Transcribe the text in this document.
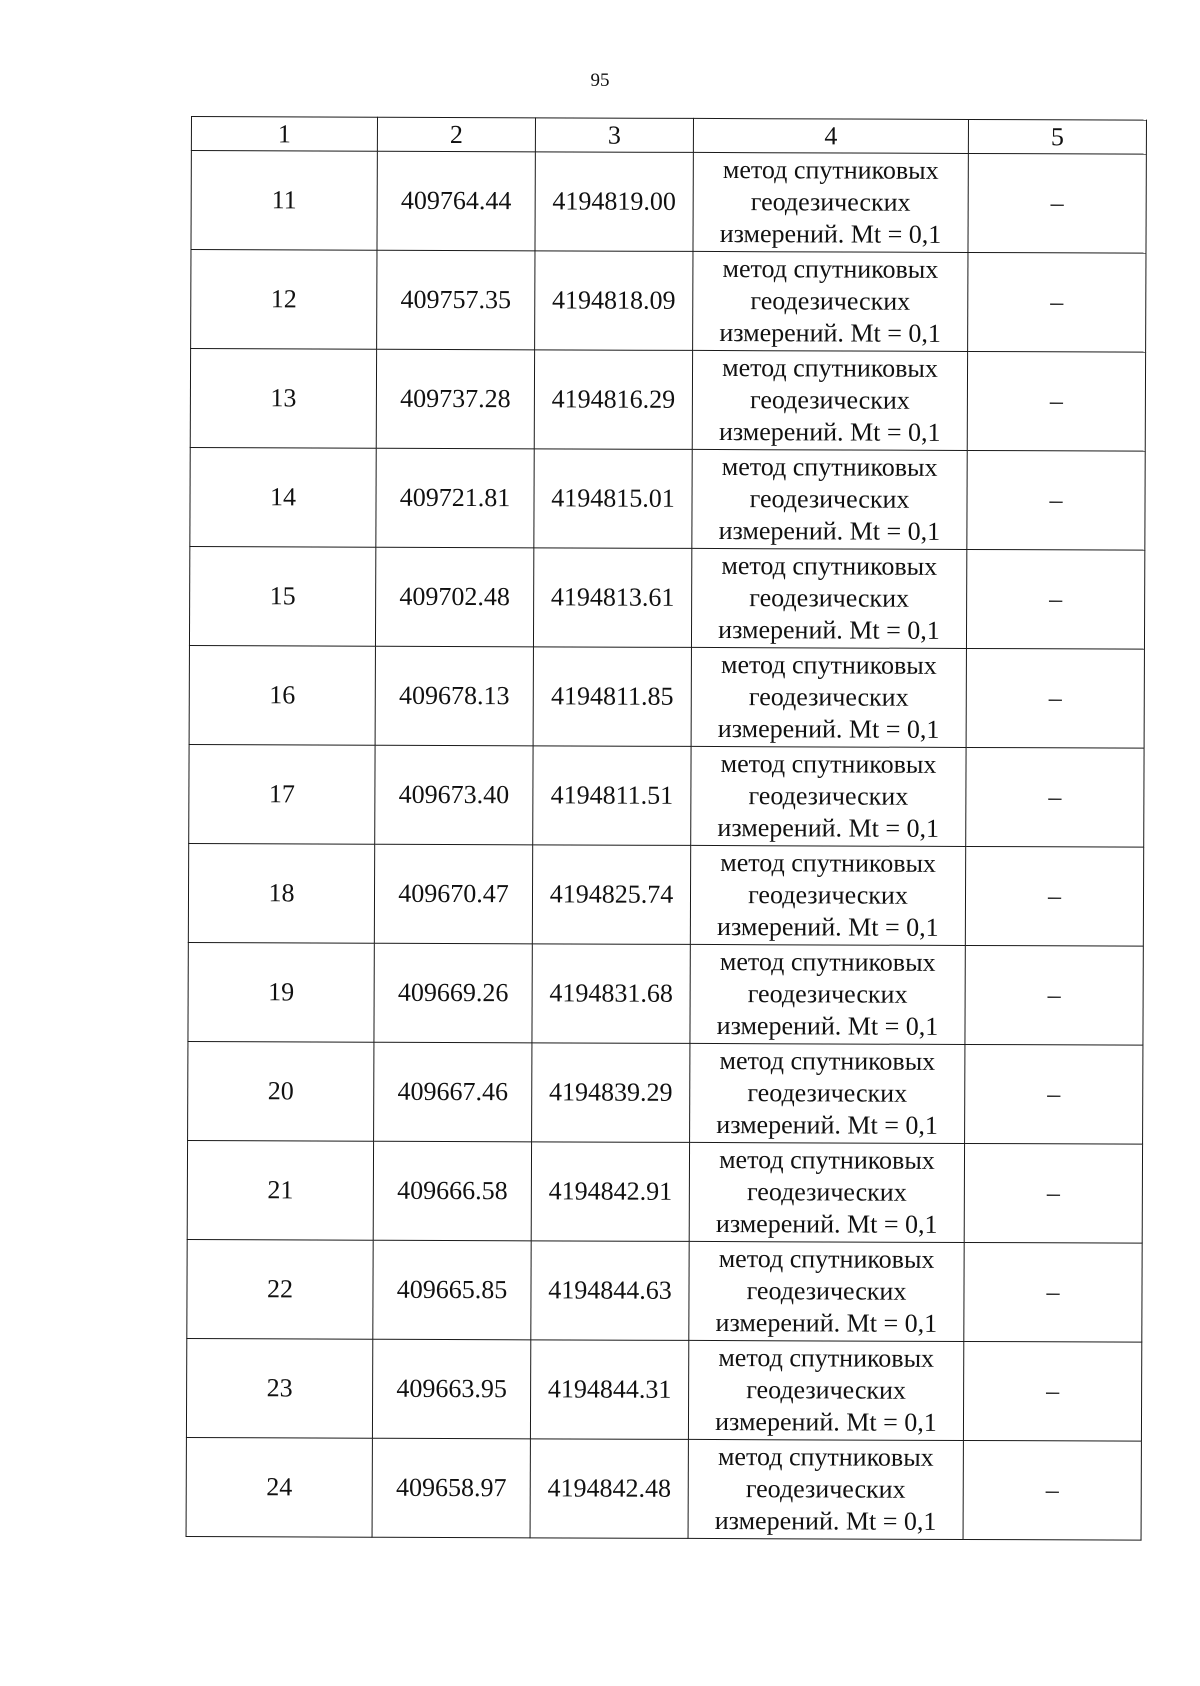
95
1	2	3	4	5
11	409764.44	4194819.00	метод спутниковых
геодезических
измерений. Mt = 0,1	–
12	409757.35	4194818.09	метод спутниковых
геодезических
измерений. Mt = 0,1	–
13	409737.28	4194816.29	метод спутниковых
геодезических
измерений. Mt = 0,1	–
14	409721.81	4194815.01	метод спутниковых
геодезических
измерений. Mt = 0,1	–
15	409702.48	4194813.61	метод спутниковых
геодезических
измерений. Mt = 0,1	–
16	409678.13	4194811.85	метод спутниковых
геодезических
измерений. Mt = 0,1	–
17	409673.40	4194811.51	метод спутниковых
геодезических
измерений. Mt = 0,1	–
18	409670.47	4194825.74	метод спутниковых
геодезических
измерений. Mt = 0,1	–
19	409669.26	4194831.68	метод спутниковых
геодезических
измерений. Mt = 0,1	–
20	409667.46	4194839.29	метод спутниковых
геодезических
измерений. Mt = 0,1	–
21	409666.58	4194842.91	метод спутниковых
геодезических
измерений. Mt = 0,1	–
22	409665.85	4194844.63	метод спутниковых
геодезических
измерений. Mt = 0,1	–
23	409663.95	4194844.31	метод спутниковых
геодезических
измерений. Mt = 0,1	–
24	409658.97	4194842.48	метод спутниковых
геодезических
измерений. Mt = 0,1	–
